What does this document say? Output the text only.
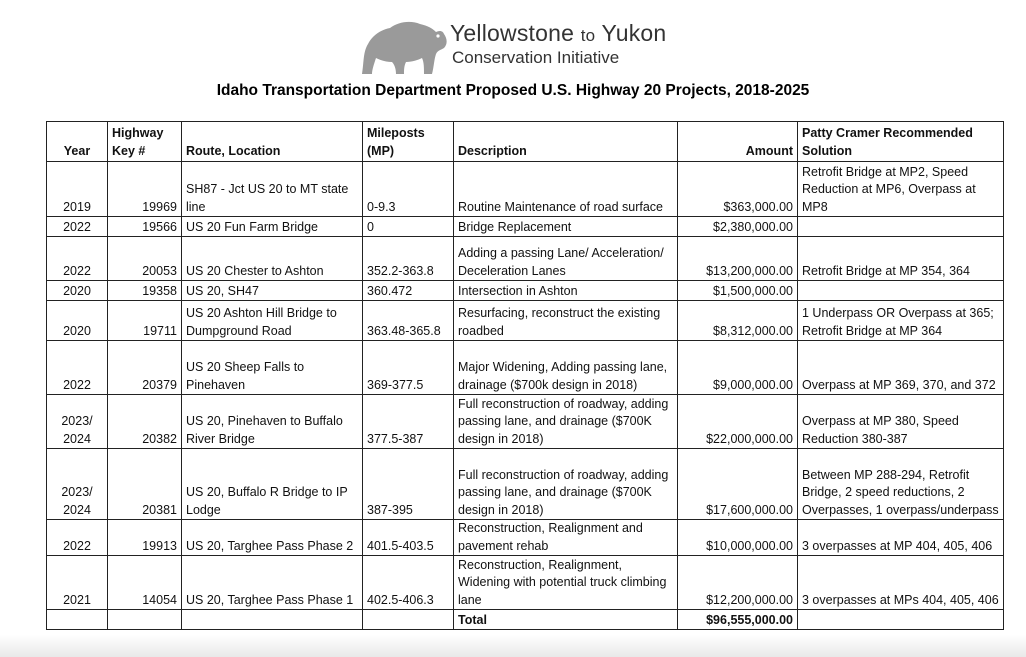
Yellowstone to Yukon
Conservation Initiative
Idaho Transportation Department Proposed U.S. Highway 20 Projects, 2018-2025
Year	Highway Key #	Route, Location	Mileposts (MP)	Description	Amount	Patty Cramer Recommended Solution
2019	19969	SH87 - Jct US 20 to MT state line	0-9.3	Routine Maintenance of road surface	$363,000.00	Retrofit Bridge at MP2, Speed Reduction at MP6, Overpass at MP8
2022	19566	US 20 Fun Farm Bridge	0	Bridge Replacement	$2,380,000.00	
2022	20053	US 20 Chester to Ashton	352.2-363.8	Adding a passing Lane/ Acceleration/ Deceleration Lanes	$13,200,000.00	Retrofit Bridge at MP 354, 364
2020	19358	US 20, SH47	360.472	Intersection in Ashton	$1,500,000.00	
2020	19711	US 20 Ashton Hill Bridge to Dumpground Road	363.48-365.8	Resurfacing, reconstruct the existing roadbed	$8,312,000.00	1 Underpass OR Overpass at 365; Retrofit Bridge at MP 364
2022	20379	US 20 Sheep Falls to Pinehaven	369-377.5	Major Widening, Adding passing lane, drainage ($700k design in 2018)	$9,000,000.00	Overpass at MP 369, 370, and 372
2023/
2024	20382	US 20, Pinehaven to Buffalo River Bridge	377.5-387	Full reconstruction of roadway, adding passing lane, and drainage ($700K design in 2018)	$22,000,000.00	Overpass at MP 380, Speed Reduction 380-387
2023/
2024	20381	US 20, Buffalo R Bridge to IP Lodge	387-395	Full reconstruction of roadway, adding passing lane, and drainage ($700K design in 2018)	$17,600,000.00	Between MP 288-294, Retrofit Bridge, 2 speed reductions, 2 Overpasses, 1 overpass/underpass
2022	19913	US 20, Targhee Pass Phase 2	401.5-403.5	Reconstruction, Realignment and pavement rehab	$10,000,000.00	3 overpasses at MP 404, 405, 406
2021	14054	US 20, Targhee Pass Phase 1	402.5-406.3	Reconstruction, Realignment, Widening with potential truck climbing lane	$12,200,000.00	3 overpasses at MPs 404, 405, 406
				Total	$96,555,000.00	
